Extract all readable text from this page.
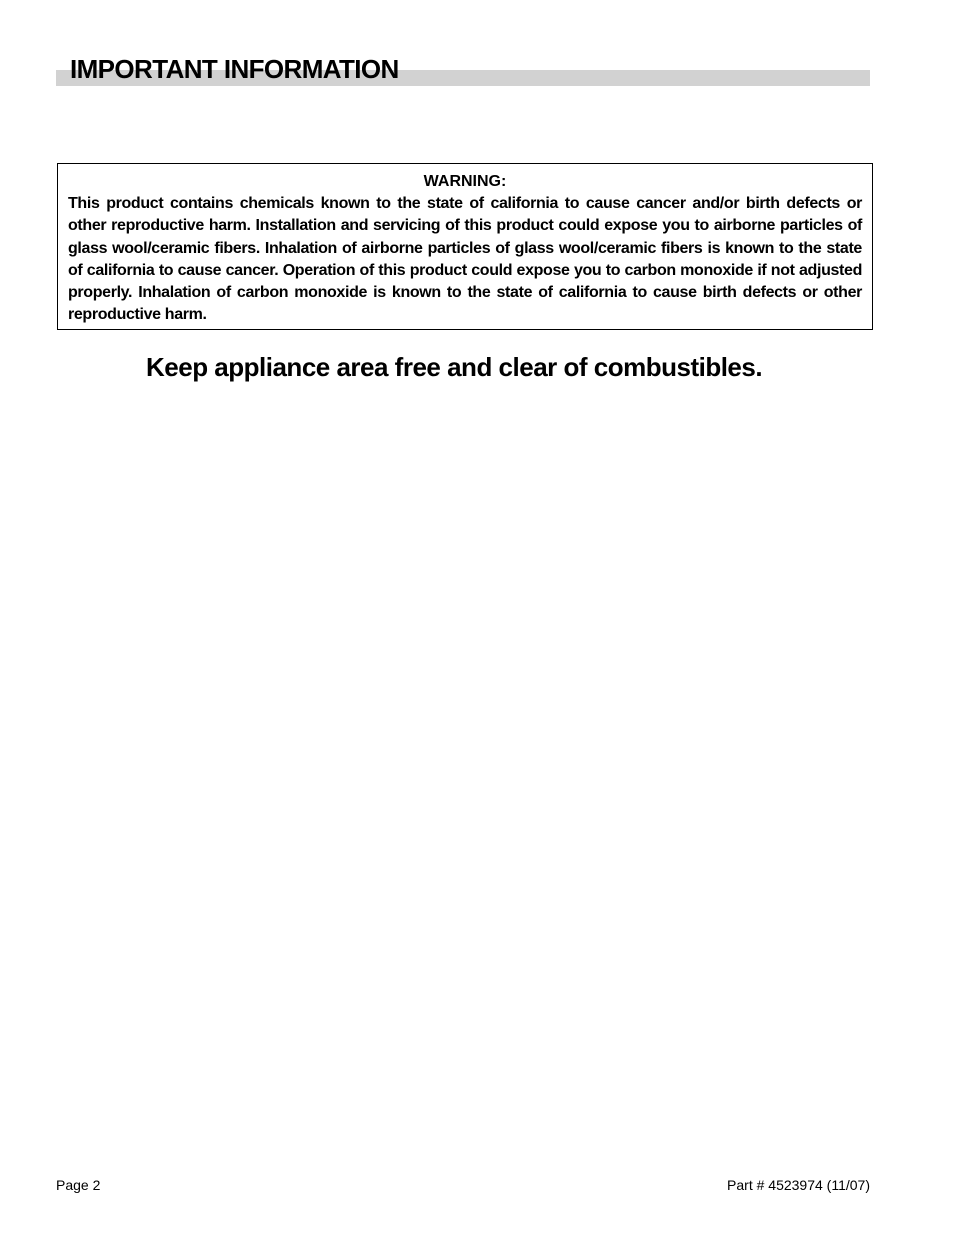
IMPORTANT INFORMATION

WARNING:

This product contains chemicals known to the state of california to cause cancer and/or birth defects or other reproductive harm. Installation and servicing of this product could expose you to airborne particles of glass wool/ceramic fibers. Inhalation of airborne particles of glass wool/ceramic fibers is known to the state of california to cause cancer. Operation of this product could expose you to carbon monoxide if not adjusted properly. Inhalation of carbon monoxide is known to the state of california to cause birth defects or other reproductive harm.

Keep appliance area free and clear of combustibles.

Page 2	Part # 4523974 (11/07)
